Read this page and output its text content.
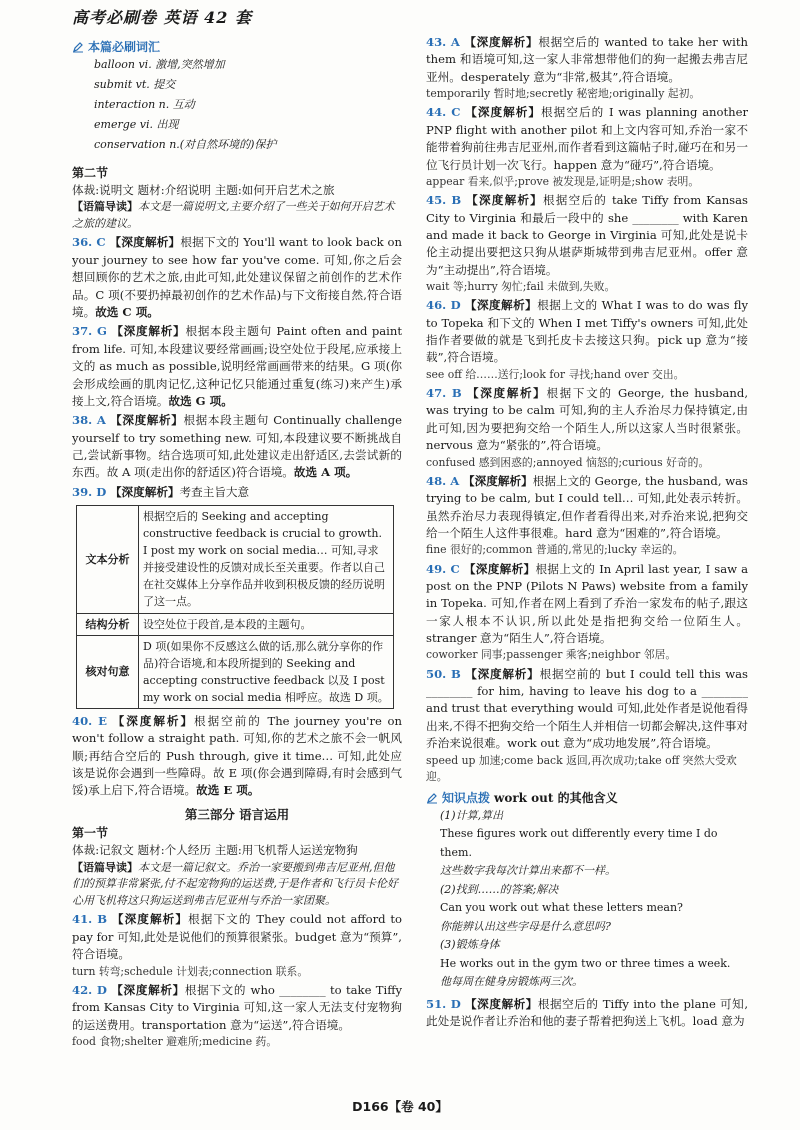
高考必刷卷 英语 42 套
本篇必刷词汇
balloon vi. 激增,突然增加
submit vt. 提交
interaction n. 互动
emerge vi. 出现
conservation n.(对自然环境的)保护
第二节
体裁:说明文 题材:介绍说明 主题:如何开启艺术之旅
【语篇导读】本文是一篇说明文,主要介绍了一些关于如何开启艺术之旅的建议。
36. C 【深度解析】根据下文的 You'll want to look back on your journey to see how far you've come. 可知,你之后会想回顾你的艺术之旅,由此可知,此处建议保留之前创作的艺术作品。C 项(不要扔掉最初创作的艺术作品)与下文衔接自然,符合语境。故选 C 项。
37. G 【深度解析】根据本段主题句 Paint often and paint from life. 可知,本段建议要经常画画;设空处位于段尾,应承接上文的 as much as possible,说明经常画画带来的结果。G 项(你会形成绘画的肌肉记忆,这种记忆只能通过重复(练习)来产生)承接上文,符合语境。故选 G 项。
38. A 【深度解析】根据本段主题句 Continually challenge yourself to try something new. 可知,本段建议要不断挑战自己,尝试新事物。结合选项可知,此处建议走出舒适区,去尝试新的东西。故 A 项(走出你的舒适区)符合语境。故选 A 项。
39. D 【深度解析】考查主旨大意
文本分析	根据空后的 Seeking and accepting constructive feedback is crucial to growth. I post my work on social media… 可知,寻求并接受建设性的反馈对成长至关重要。作者以自己在社交媒体上分享作品并收到积极反馈的经历说明了这一点。
结构分析	设空处位于段首,是本段的主题句。
核对句意	D 项(如果你不反感这么做的话,那么就分享你的作品)符合语境,和本段所提到的 Seeking and accepting constructive feedback 以及 I post my work on social media 相呼应。故选 D 项。
40. E 【深度解析】根据空前的 The journey you're on won't follow a straight path. 可知,你的艺术之旅不会一帆风顺;再结合空后的 Push through, give it time… 可知,此处应该是说你会遇到一些障碍。故 E 项(你会遇到障碍,有时会感到气馁)承上启下,符合语境。故选 E 项。
第三部分 语言运用
第一节
体裁:记叙文 题材:个人经历 主题:用飞机帮人运送宠物狗
【语篇导读】本文是一篇记叙文。乔治一家要搬到弗吉尼亚州,但他们的预算非常紧张,付不起宠物狗的运送费,于是作者和飞行员卡伦好心用飞机将这只狗运送到弗吉尼亚州与乔治一家团聚。
41. B 【深度解析】根据下文的 They could not afford to pay for 可知,此处是说他们的预算很紧张。budget 意为“预算”,符合语境。
turn 转弯;schedule 计划表;connection 联系。
42. D 【深度解析】根据下文的 who ________ to take Tiffy from Kansas City to Virginia 可知,这一家人无法支付宠物狗的运送费用。transportation 意为“运送”,符合语境。
food 食物;shelter 避难所;medicine 药。
43. A 【深度解析】根据空后的 wanted to take her with them 和语境可知,这一家人非常想带他们的狗一起搬去弗吉尼亚州。desperately 意为“非常,极其”,符合语境。
temporarily 暂时地;secretly 秘密地;originally 起初。
44. C 【深度解析】根据空后的 I was planning another PNP flight with another pilot 和上文内容可知,乔治一家不能带着狗前往弗吉尼亚州,而作者看到这篇帖子时,碰巧在和另一位飞行员计划一次飞行。happen 意为“碰巧”,符合语境。
appear 看来,似乎;prove 被发现是,证明是;show 表明。
45. B 【深度解析】根据空后的 take Tiffy from Kansas City to Virginia 和最后一段中的 she ________ with Karen and made it back to George in Virginia 可知,此处是说卡伦主动提出要把这只狗从堪萨斯城带到弗吉尼亚州。offer 意为“主动提出”,符合语境。
wait 等;hurry 匆忙;fail 未做到,失败。
46. D 【深度解析】根据上文的 What I was to do was fly to Topeka 和下文的 When I met Tiffy's owners 可知,此处指作者要做的就是飞到托皮卡去接这只狗。pick up 意为“接载”,符合语境。
see off 给……送行;look for 寻找;hand over 交出。
47. B 【深度解析】根据下文的 George, the husband, was trying to be calm 可知,狗的主人乔治尽力保持镇定,由此可知,因为要把狗交给一个陌生人,所以这家人当时很紧张。nervous 意为“紧张的”,符合语境。
confused 感到困惑的;annoyed 恼怒的;curious 好奇的。
48. A 【深度解析】根据上文的 George, the husband, was trying to be calm, but I could tell… 可知,此处表示转折。虽然乔治尽力表现得镇定,但作者看得出来,对乔治来说,把狗交给一个陌生人这件事很难。hard 意为“困难的”,符合语境。
fine 很好的;common 普通的,常见的;lucky 幸运的。
49. C 【深度解析】根据上文的 In April last year, I saw a post on the PNP (Pilots N Paws) website from a family in Topeka. 可知,作者在网上看到了乔治一家发布的帖子,跟这一家人根本不认识,所以此处是指把狗交给一位陌生人。stranger 意为“陌生人”,符合语境。
coworker 同事;passenger 乘客;neighbor 邻居。
50. B 【深度解析】根据空前的 but I could tell this was ________ for him, having to leave his dog to a ________ and trust that everything would 可知,此处作者是说他看得出来,不得不把狗交给一个陌生人并相信一切都会解决,这件事对乔治来说很难。work out 意为“成功地发展”,符合语境。
speed up 加速;come back 返回,再次成功;take off 突然大受欢迎。
知识点拨 work out 的其他含义
(1)计算,算出
These figures work out differently every time I do them.
这些数字我每次计算出来都不一样。
(2)找到……的答案;解决
Can you work out what these letters mean?
你能辨认出这些字母是什么意思吗?
(3)锻炼身体
He works out in the gym two or three times a week.
他每周在健身房锻炼两三次。
51. D 【深度解析】根据空后的 Tiffy into the plane 可知,此处是说作者让乔治和他的妻子帮着把狗送上飞机。load 意为
D166【卷 40】
